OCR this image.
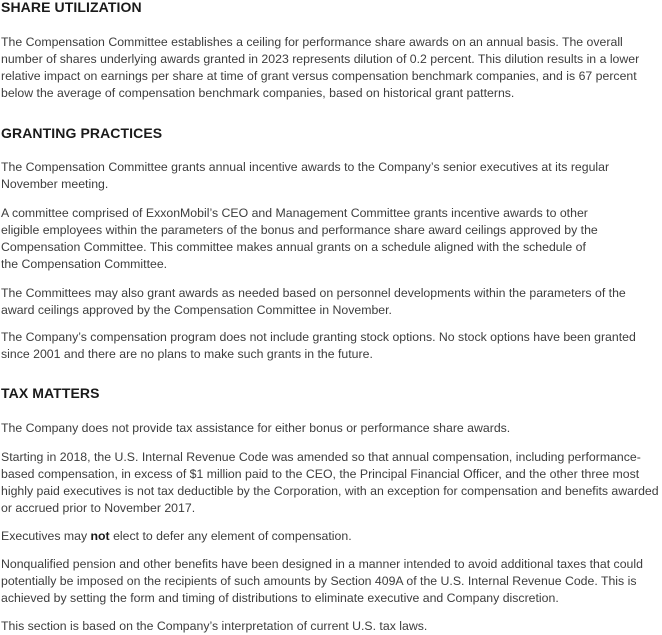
SHARE UTILIZATION

The Compensation Committee establishes a ceiling for performance share awards on an annual basis. The overall number of shares underlying awards granted in 2023 represents dilution of 0.2 percent. This dilution results in a lower relative impact on earnings per share at time of grant versus compensation benchmark companies, and is 67 percent below the average of compensation benchmark companies, based on historical grant patterns.

GRANTING PRACTICES

The Compensation Committee grants annual incentive awards to the Company’s senior executives at its regular November meeting.

A committee comprised of ExxonMobil’s CEO and Management Committee grants incentive awards to other eligible employees within the parameters of the bonus and performance share award ceilings approved by the Compensation Committee. This committee makes annual grants on a schedule aligned with the schedule of the Compensation Committee.

The Committees may also grant awards as needed based on personnel developments within the parameters of the award ceilings approved by the Compensation Committee in November.

The Company’s compensation program does not include granting stock options. No stock options have been granted since 2001 and there are no plans to make such grants in the future.

TAX MATTERS

The Company does not provide tax assistance for either bonus or performance share awards.

Starting in 2018, the U.S. Internal Revenue Code was amended so that annual compensation, including performance-based compensation, in excess of $1 million paid to the CEO, the Principal Financial Officer, and the other three most highly paid executives is not tax deductible by the Corporation, with an exception for compensation and benefits awarded or accrued prior to November 2017.

Executives may not elect to defer any element of compensation.

Nonqualified pension and other benefits have been designed in a manner intended to avoid additional taxes that could potentially be imposed on the recipients of such amounts by Section 409A of the U.S. Internal Revenue Code. This is achieved by setting the form and timing of distributions to eliminate executive and Company discretion.

This section is based on the Company’s interpretation of current U.S. tax laws.
